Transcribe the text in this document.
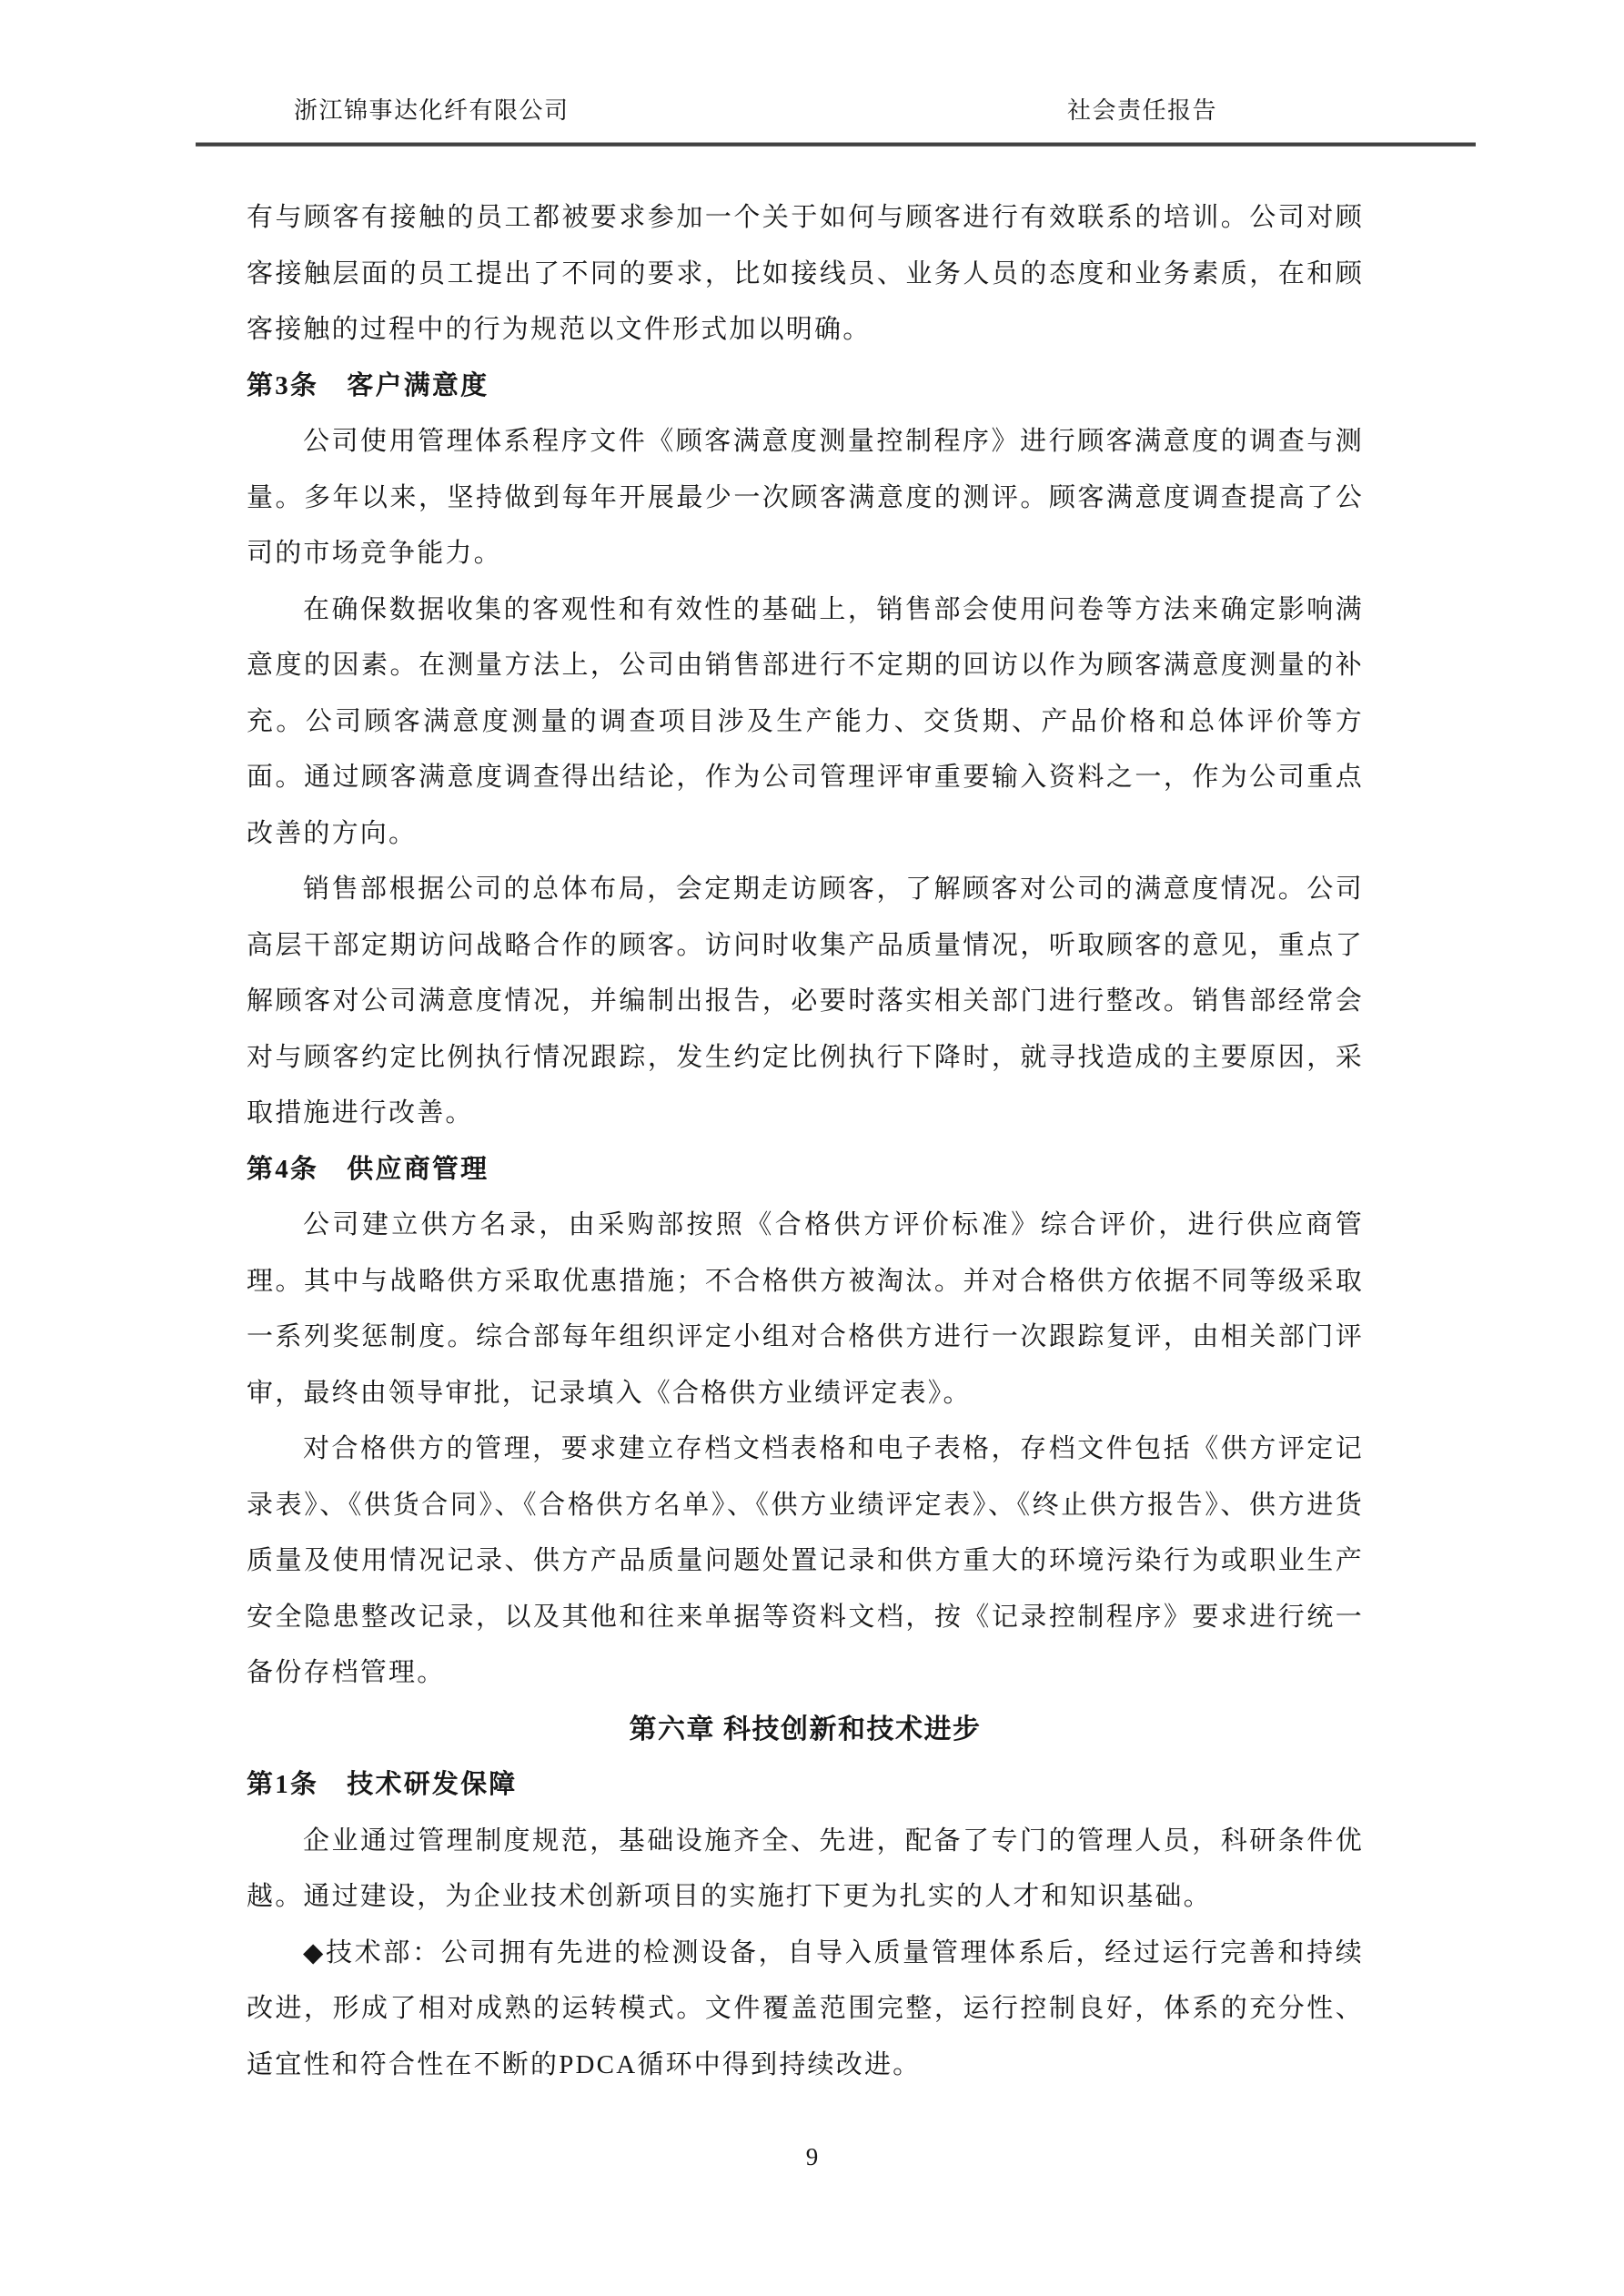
浙江锦事达化纤有限公司	社会责任报告

有与顾客有接触的员工都被要求参加一个关于如何与顾客进行有效联系的培训。公司对顾客接触层面的员工提出了不同的要求，比如接线员、业务人员的态度和业务素质，在和顾客接触的过程中的行为规范以文件形式加以明确。

第3条　客户满意度

公司使用管理体系程序文件《顾客满意度测量控制程序》进行顾客满意度的调查与测量。多年以来，坚持做到每年开展最少一次顾客满意度的测评。顾客满意度调查提高了公司的市场竞争能力。

在确保数据收集的客观性和有效性的基础上，销售部会使用问卷等方法来确定影响满意度的因素。在测量方法上，公司由销售部进行不定期的回访以作为顾客满意度测量的补充。公司顾客满意度测量的调查项目涉及生产能力、交货期、产品价格和总体评价等方面。通过顾客满意度调查得出结论，作为公司管理评审重要输入资料之一，作为公司重点改善的方向。

销售部根据公司的总体布局，会定期走访顾客，了解顾客对公司的满意度情况。公司高层干部定期访问战略合作的顾客。访问时收集产品质量情况，听取顾客的意见，重点了解顾客对公司满意度情况，并编制出报告，必要时落实相关部门进行整改。销售部经常会对与顾客约定比例执行情况跟踪，发生约定比例执行下降时，就寻找造成的主要原因，采取措施进行改善。

第4条　供应商管理

公司建立供方名录，由采购部按照《合格供方评价标准》综合评价，进行供应商管理。其中与战略供方采取优惠措施；不合格供方被淘汰。并对合格供方依据不同等级采取一系列奖惩制度。综合部每年组织评定小组对合格供方进行一次跟踪复评，由相关部门评审，最终由领导审批，记录填入《合格供方业绩评定表》。

对合格供方的管理，要求建立存档文档表格和电子表格，存档文件包括《供方评定记录表》、《供货合同》、《合格供方名单》、《供方业绩评定表》、《终止供方报告》、供方进货质量及使用情况记录、供方产品质量问题处置记录和供方重大的环境污染行为或职业生产安全隐患整改记录，以及其他和往来单据等资料文档，按《记录控制程序》要求进行统一备份存档管理。

第六章 科技创新和技术进步
第1条　技术研发保障

企业通过管理制度规范，基础设施齐全、先进，配备了专门的管理人员，科研条件优越。通过建设，为企业技术创新项目的实施打下更为扎实的人才和知识基础。

◆技术部：公司拥有先进的检测设备，自导入质量管理体系后，经过运行完善和持续改进，形成了相对成熟的运转模式。文件覆盖范围完整，运行控制良好，体系的充分性、适宜性和符合性在不断的PDCA循环中得到持续改进。

9
